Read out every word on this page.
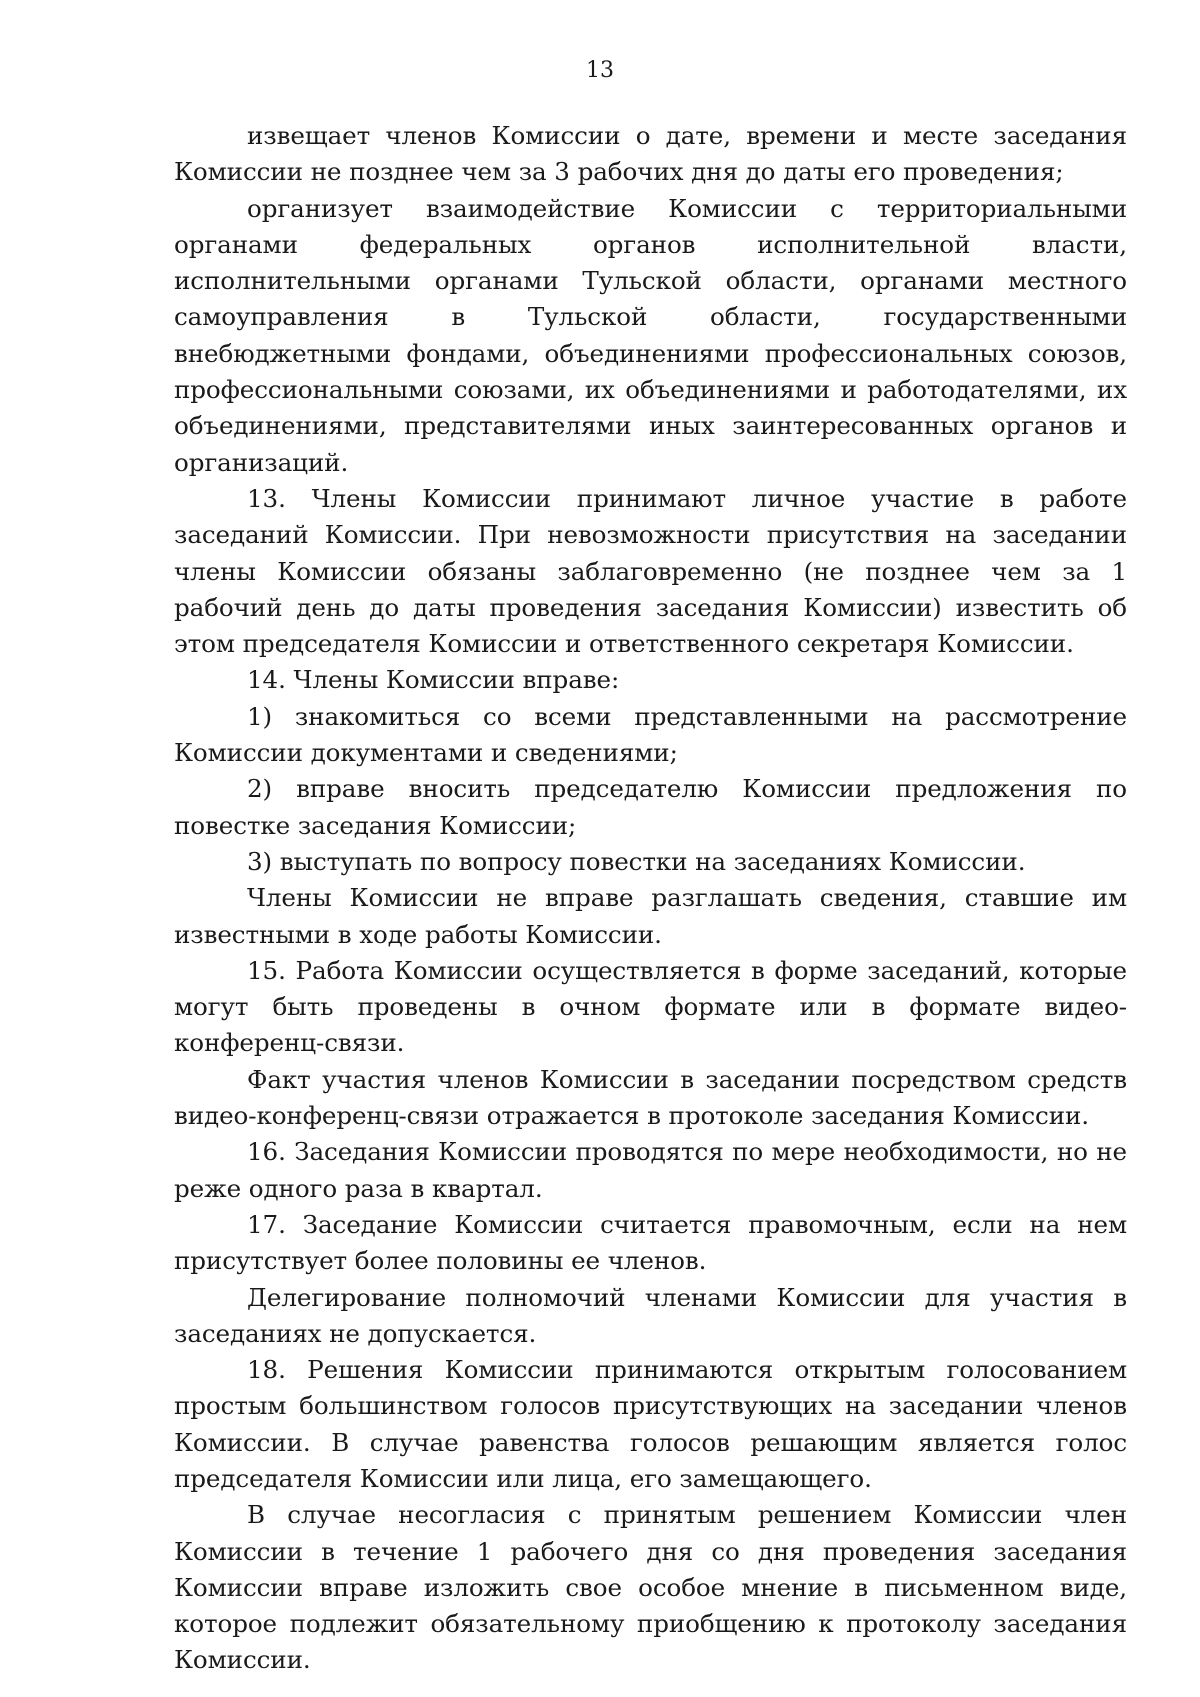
13

извещает членов Комиссии о дате, времени и месте заседания Комиссии не позднее чем за 3 рабочих дня до даты его проведения;

организует взаимодействие Комиссии с территориальными органами федеральных органов исполнительной власти, исполнительными органами Тульской области, органами местного самоуправления в Тульской области, государственными внебюджетными фондами, объединениями профессиональных союзов, профессиональными союзами, их объединениями и работодателями, их объединениями, представителями иных заинтересованных органов и организаций.

13. Члены Комиссии принимают личное участие в работе заседаний Комиссии. При невозможности присутствия на заседании члены Комиссии обязаны заблаговременно (не позднее чем за 1 рабочий день до даты проведения заседания Комиссии) известить об этом председателя Комиссии и ответственного секретаря Комиссии.

14. Члены Комиссии вправе:

1) знакомиться со всеми представленными на рассмотрение Комиссии документами и сведениями;

2) вправе вносить председателю Комиссии предложения по повестке заседания Комиссии;

3) выступать по вопросу повестки на заседаниях Комиссии.

Члены Комиссии не вправе разглашать сведения, ставшие им известными в ходе работы Комиссии.

15. Работа Комиссии осуществляется в форме заседаний, которые могут быть проведены в очном формате или в формате видео-конференц-связи.

Факт участия членов Комиссии в заседании посредством средств видео-конференц-связи отражается в протоколе заседания Комиссии.

16. Заседания Комиссии проводятся по мере необходимости, но не реже одного раза в квартал.

17. Заседание Комиссии считается правомочным, если на нем присутствует более половины ее членов.

Делегирование полномочий членами Комиссии для участия в заседаниях не допускается.

18. Решения Комиссии принимаются открытым голосованием простым большинством голосов присутствующих на заседании членов Комиссии. В случае равенства голосов решающим является голос председателя Комиссии или лица, его замещающего.

В случае несогласия с принятым решением Комиссии член Комиссии в течение 1 рабочего дня со дня проведения заседания Комиссии вправе изложить свое особое мнение в письменном виде, которое подлежит обязательному приобщению к протоколу заседания Комиссии.
